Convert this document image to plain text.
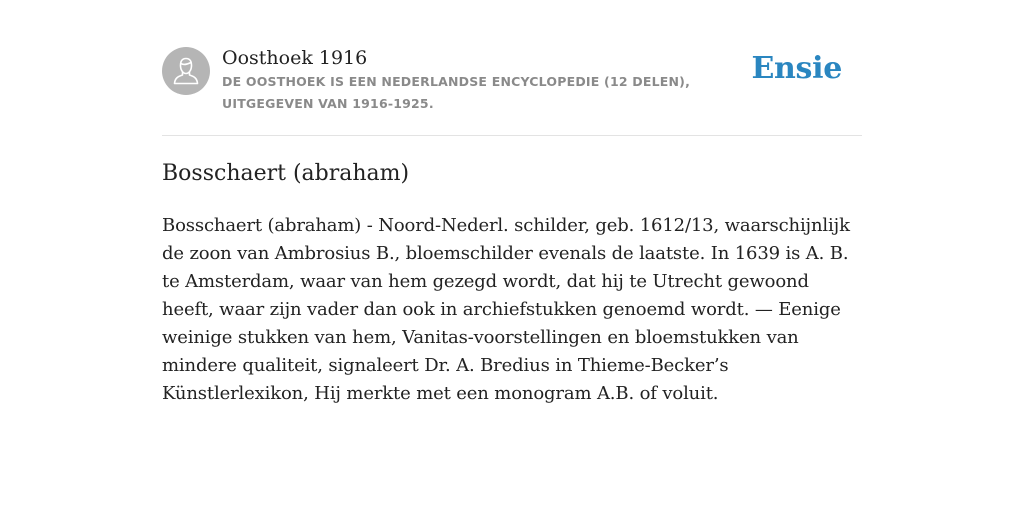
Oosthoek 1916
DE OOSTHOEK IS EEN NEDERLANDSE ENCYCLOPEDIE (12 DELEN), UITGEGEVEN VAN 1916-1925.
Ensie
Bosschaert (abraham)

Bosschaert (abraham) - Noord-Nederl. schilder, geb. 1612/13, waarschijnlijk de zoon van Ambrosius B., bloemschilder evenals de laatste. In 1639 is A. B. te Amsterdam, waar van hem gezegd wordt, dat hij te Utrecht gewoond heeft, waar zijn vader dan ook in archiefstukken genoemd wordt. — Eenige weinige stukken van hem, Vanitas-voorstellingen en bloemstukken van mindere qualiteit, signaleert Dr. A. Bredius in Thieme-Becker’s Künstlerlexikon, Hij merkte met een monogram A.B. of voluit.
